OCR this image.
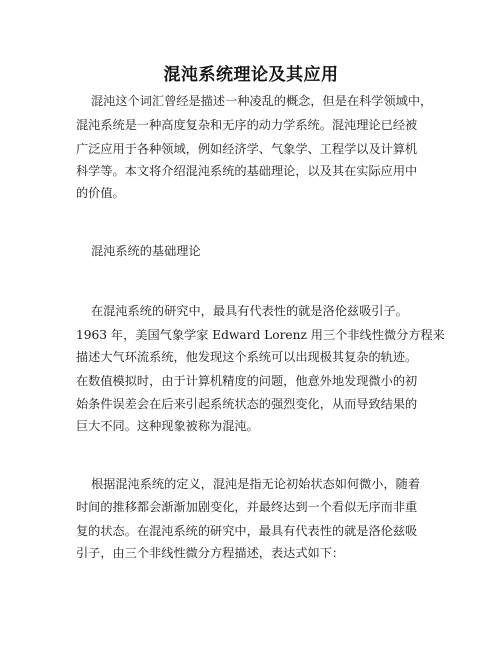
混沌系统理论及其应用
混沌这个词汇曾经是描述一种凌乱的概念，但是在科学领域中，
混沌系统是一种高度复杂和无序的动力学系统。混沌理论已经被
广泛应用于各种领域，例如经济学、气象学、工程学以及计算机
科学等。本文将介绍混沌系统的基础理论，以及其在实际应用中
的价值。
混沌系统的基础理论
在混沌系统的研究中，最具有代表性的就是洛伦兹吸引子。
1963 年，美国气象学家 Edward Lorenz 用三个非线性微分方程来
描述大气环流系统，他发现这个系统可以出现极其复杂的轨迹。
在数值模拟时，由于计算机精度的问题，他意外地发现微小的初
始条件误差会在后来引起系统状态的强烈变化，从而导致结果的
巨大不同。这种现象被称为混沌。
根据混沌系统的定义，混沌是指无论初始状态如何微小，随着
时间的推移都会渐渐加剧变化，并最终达到一个看似无序而非重
复的状态。在混沌系统的研究中，最具有代表性的就是洛伦兹吸
引子，由三个非线性微分方程描述，表达式如下：
